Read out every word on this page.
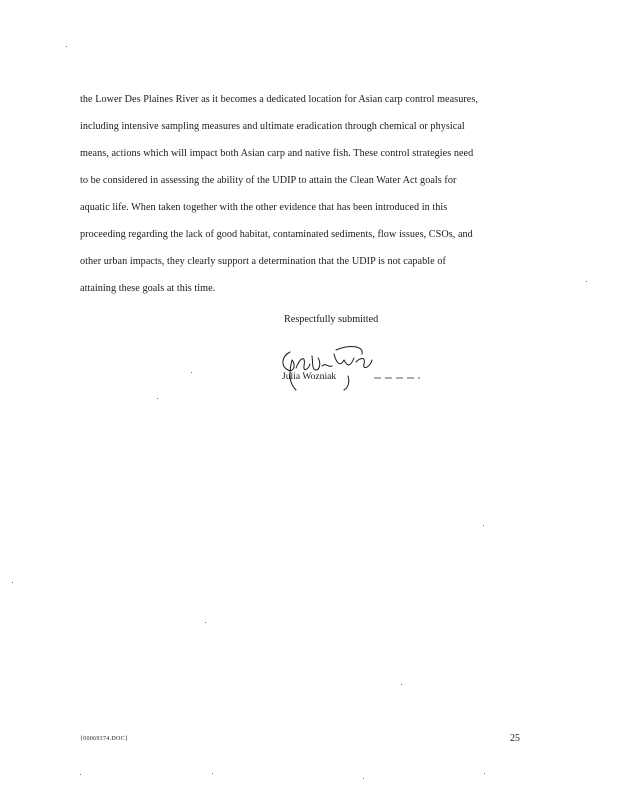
the Lower Des Plaines River as it becomes a dedicated location for Asian carp control measures,
including intensive sampling measures and ultimate eradication through chemical or physical
means, actions which will impact both Asian carp and native fish. These control strategies need
to be considered in assessing the ability of the UDIP to attain the Clean Water Act goals for
aquatic life. When taken together with the other evidence that has been introduced in this
proceeding regarding the lack of good habitat, contaminated sediments, flow issues, CSOs, and
other urban impacts, they clearly support a determination that the UDIP is not capable of
attaining these goals at this time.
Respectfully submitted
Julia Wozniak
{00069374.DOC}	25
